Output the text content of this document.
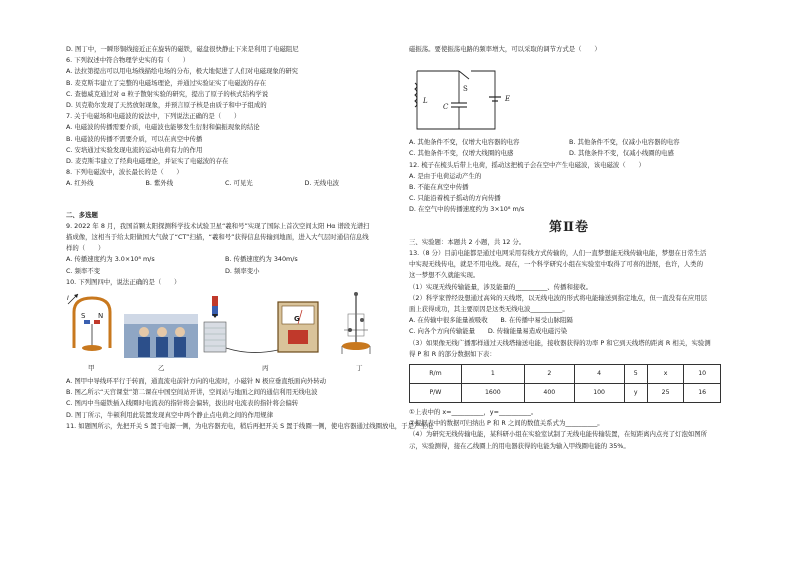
D. 图丁中，一瞬形铜线接近正在旋转的磁铁，磁盘很快静止下来是利用了电磁阻尼
6. 下列叙述中符合物理学史实的有（　　）
A. 法拉第提出可以用电场线描绘电场的分布，极大地促进了人们对电磁现象的研究
B. 麦克斯韦建立了完整的电磁场理论，并通过实验证实了电磁波的存在
C. 查德威克通过对 α 粒子散射实验的研究，提出了原子的核式结构学说
D. 贝克勒尔发现了天然放射现象，并预言原子核是由质子和中子组成的
7. 关于电磁场和电磁波的说法中，下列说法正确的是（　　）
A. 电磁波的传播需要介质，电磁波也能够发生衍射和偏振现象的结论
B. 电磁波的传播不需要介质，可以在真空中传播
C. 安培通过实验发现电流的运动电荷有力的作用
D. 麦克斯韦建立了经典电磁理论，并证实了电磁波的存在
8. 下列电磁波中，波长最长的是（　　）
A. 红外线	B. 紫外线	C. 可见光	D. 无线电波
二、多选题
9. 2022 年 8 月，我国首颗太阳探测科学技术试验卫星“羲和号”实现了国际上首次空间太阳 Hα 谱段光谱扫
描成像，这相当于给太阳做国大气做了“CT”扫描，“羲和号”获得信息传输到地面，进入大气层时通信信息线
样的（　　）
A. 传播速度约为 3.0×10⁸ m/s	B. 传播速度约为 340m/s
C. 频率不变	D. 频率变小
10. 下列图四中，说法正确的是（　　）
S N
I
G
甲	乙	丙	丁
A. 图甲中导线环平行于转面，通直流电前针方向的电流时，小磁针 N 极应垂直纸面向外转动
B. 图乙所示“天宫课堂”第二课在中国空间站开讲，空间站与地面之间的通信利用无线电波
C. 图丙中当磁铁插入线圈时电流表的指针将会偏转，拔出时电流表的指针将会偏转
D. 图丁所示，牛顿利用此装置发现真空中两个静止点电荷之间的作用规律
11. 如题图所示，先把开关 S 置于电源一侧，为电容器充电，稍后再把开关 S 置于线圈一侧，使电容器通过线圈放电，于是产生电
磁振荡。要使振荡电路的频率增大，可以采取的调节方式是（　　）
L
S
C
E
A. 其他条件不变，仅增大电容器的电容	B. 其他条件不变，仅减小电容器的电容
C. 其他条件不变，仅增大线圈的电感	D. 其他条件不变，仅减小线圈的电感
12. 梳子在梳头后带上电荷，摇动这把梳子会在空中产生电磁波，该电磁波（　　）
A. 是由于电荷运动产生的
B. 不能在真空中传播
C. 只能沿着梳子摇动的方向传播
D. 在空气中的传播速度约为 3×10⁸ m/s
第Ⅱ卷
三、实验题：本题共 2 小题，共 12 分。
13.（8 分）目前电能都是通过电网采用有线方式传输的，人们一直梦想能无线传输电能，梦想在日常生活
中实现无线传电，就是不用电线。现在，一个科学研究小组在实验室中取得了可喜的进展，也许，人类的
这一梦想不久就能实现。
（1）实现无线传输能量，涉及能量的__________、传播和接收。
（2）科学家曾经设想通过高耸的天线塔，以无线电波的形式将电能输送到指定地点，但一直没有在应用层
面上获得成功，其主要原因是这类无线电波__________。
A. 在传输中很多能量被吸收　　B. 在传播中易受山脉阻隔
C. 向各个方向传输能量　　D. 传输能量易造成电磁污染
（3）如果像无线广播那样通过天线塔输送电能，接收器获得的功率 P 和它到天线塔的距离 R 相关，实验测
得 P 和 R 的部分数据如下表：
R/m	1	2	4	5	x	10
P/W	1600	400	100	y	25	16
①上表中的 x=__________，y=__________。
②根据表中的数据可归纳出 P 和 R 之间的数值关系式为__________。
（4）为研究无线传输电能，某科研小组在实验室试制了无线电能传输装置，在短距离内点亮了灯泡如图所
示，实验测得，接在乙线圈上的用电器获得的电能为输入甲线圈电能的 35%。
